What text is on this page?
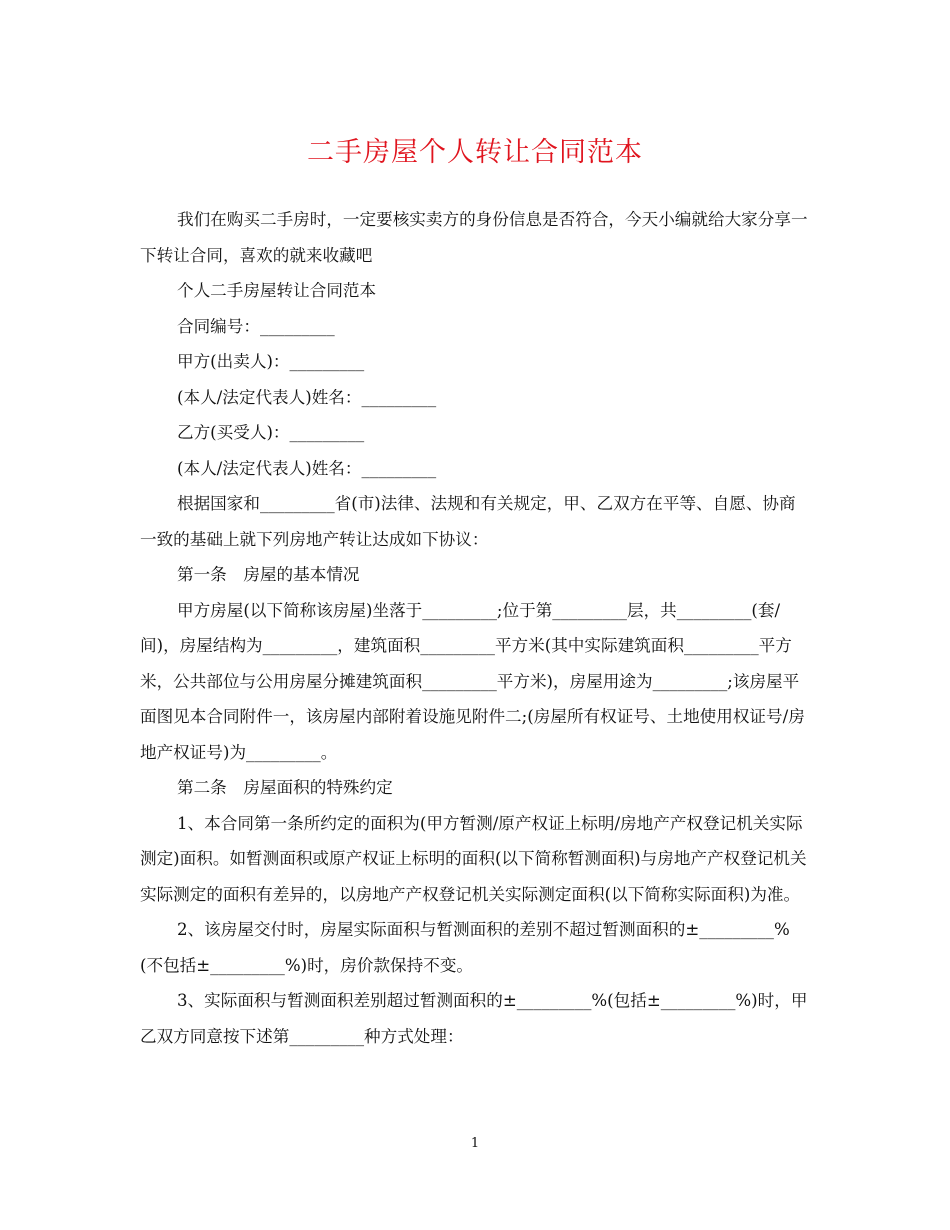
二手房屋个人转让合同范本

我们在购买二手房时，一定要核实卖方的身份信息是否符合，今天小编就给大家分享一下转让合同，喜欢的就来收藏吧

个人二手房屋转让合同范本

合同编号：_________

甲方(出卖人)：_________

(本人/法定代表人)姓名：_________

乙方(买受人)：_________

(本人/法定代表人)姓名：_________

根据国家和_________省(市)法律、法规和有关规定，甲、乙双方在平等、自愿、协商一致的基础上就下列房地产转让达成如下协议：

第一条　房屋的基本情况

甲方房屋(以下简称该房屋)坐落于_________;位于第_________层，共_________(套/间)，房屋结构为_________，建筑面积_________平方米(其中实际建筑面积_________平方米，公共部位与公用房屋分摊建筑面积_________平方米)，房屋用途为_________;该房屋平面图见本合同附件一，该房屋内部附着设施见附件二;(房屋所有权证号、土地使用权证号/房地产权证号)为_________。

第二条　房屋面积的特殊约定

1、本合同第一条所约定的面积为(甲方暂测/原产权证上标明/房地产产权登记机关实际测定)面积。如暂测面积或原产权证上标明的面积(以下简称暂测面积)与房地产产权登记机关实际测定的面积有差异的，以房地产产权登记机关实际测定面积(以下简称实际面积)为准。

2、该房屋交付时，房屋实际面积与暂测面积的差别不超过暂测面积的±_________%(不包括±_________%)时，房价款保持不变。

3、实际面积与暂测面积差别超过暂测面积的±_________%(包括±_________%)时，甲乙双方同意按下述第_________种方式处理：

1
